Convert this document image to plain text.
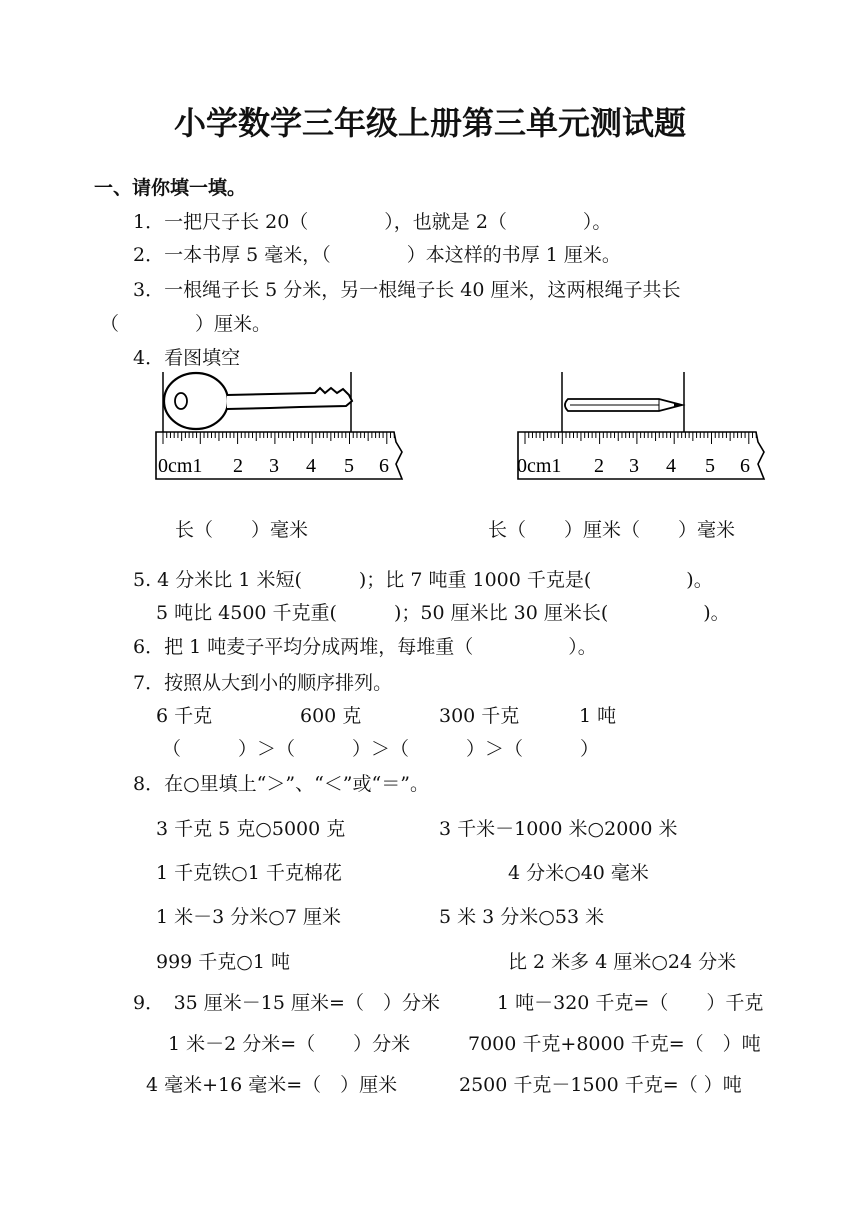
小学数学三年级上册第三单元测试题
一、请你填一填。
1．一把尺子长 20（　　　　），也就是 2（　　　　）。
2．一本书厚 5 毫米，（　　　　）本这样的书厚 1 厘米。
3．一根绳子长 5 分米，另一根绳子长 40 厘米，这两根绳子共长
（　　　　）厘米。
4．看图填空
0cm1 2 3 4 5 6	0cm1 2 3 4 5 6
长（　　）毫米	长（　　）厘米（　　）毫米
5. 4 分米比 1 米短(　　　)；比 7 吨重 1000 千克是(　　　　　)。
5 吨比 4500 千克重(　　　)；50 厘米比 30 厘米长(　　　　　)。
6．把 1 吨麦子平均分成两堆，每堆重（　　　　　）。
7．按照从大到小的顺序排列。
6 千克	600 克	300 千克	1 吨
（　　　）＞（　　　）＞（　　　）＞（　　　）
8．在○里填上“＞”、“＜”或“＝”。
3 千克 5 克○5000 克	3 千米－1000 米○2000 米
1 千克铁○1 千克棉花	4 分米○40 毫米
1 米－3 分米○7 厘米	5 米 3 分米○53 米
999 千克○1 吨	比 2 米多 4 厘米○24 分米
9．　35 厘米－15 厘米=（　）分米	1 吨－320 千克=（　　）千克
1 米－2 分米=（　　）分米	7000 千克+8000 千克=（　）吨
4 毫米+16 毫米=（　）厘米	2500 千克－1500 千克=（ ）吨
